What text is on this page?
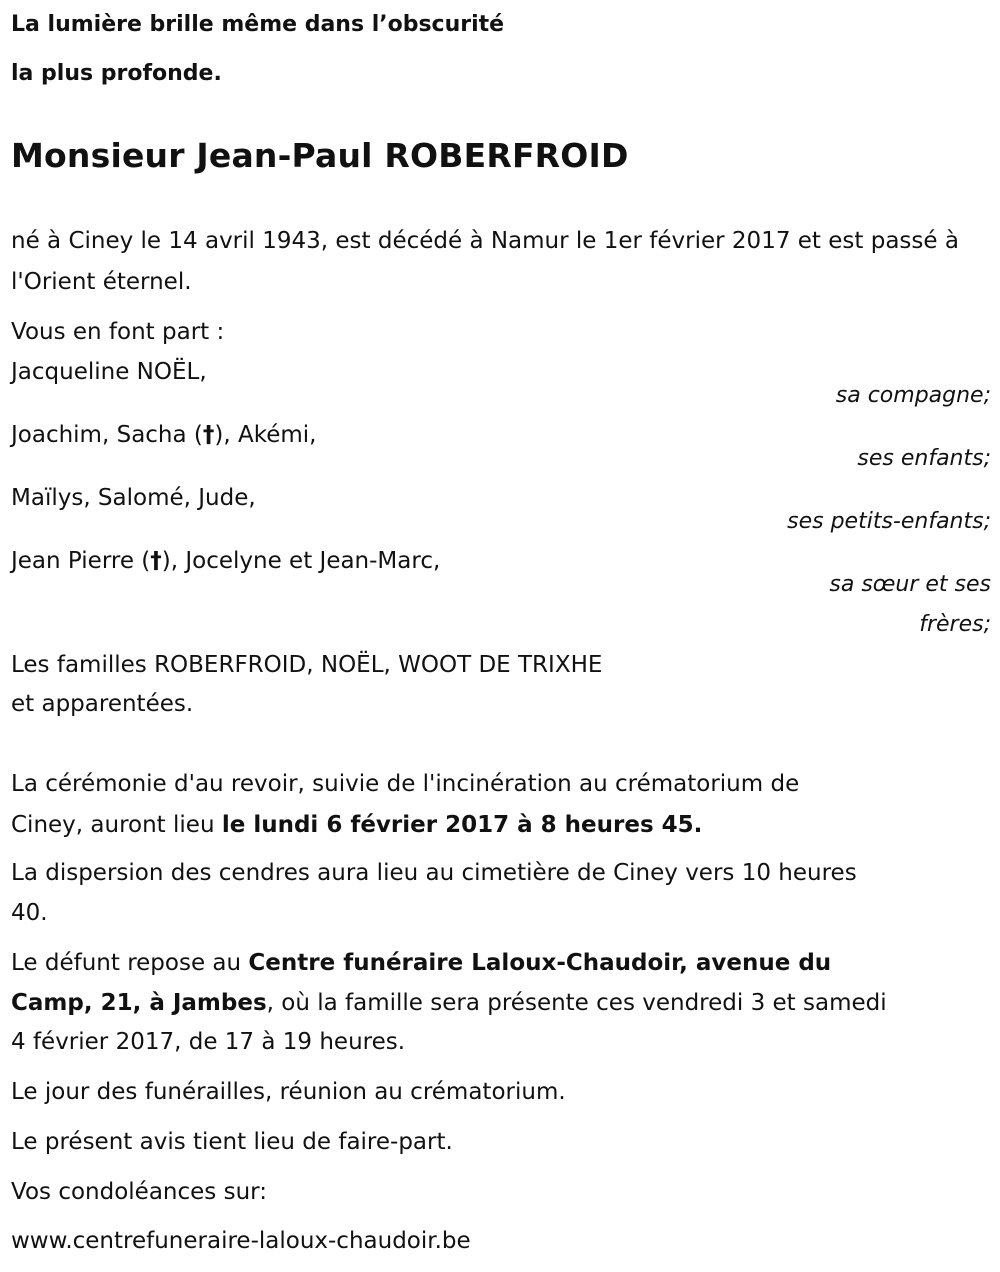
La lumière brille même dans l’obscurité

la plus profonde.

Monsieur Jean-Paul ROBERFROID

né à Ciney le 14 avril 1943, est décédé à Namur le 1er février 2017 et est passé à l'Orient éternel.

Vous en font part :

Jacqueline NOËL,

sa compagne;

Joachim, Sacha (†), Akémi,

ses enfants;

Maïlys, Salomé, Jude,

ses petits-enfants;

Jean Pierre (†), Jocelyne et Jean-Marc,

sa sœur et ses
frères;

Les familles ROBERFROID, NOËL, WOOT DE TRIXHE

et apparentées.

La cérémonie d'au revoir, suivie de l'incinération au crématorium de

Ciney, auront lieu le lundi 6 février 2017 à 8 heures 45.

La dispersion des cendres aura lieu au cimetière de Ciney vers 10 heures

40.

Le défunt repose au Centre funéraire Laloux-Chaudoir, avenue du

Camp, 21, à Jambes, où la famille sera présente ces vendredi 3 et samedi

4 février 2017, de 17 à 19 heures.

Le jour des funérailles, réunion au crématorium.

Le présent avis tient lieu de faire-part.

Vos condoléances sur:

www.centrefuneraire-laloux-chaudoir.be
